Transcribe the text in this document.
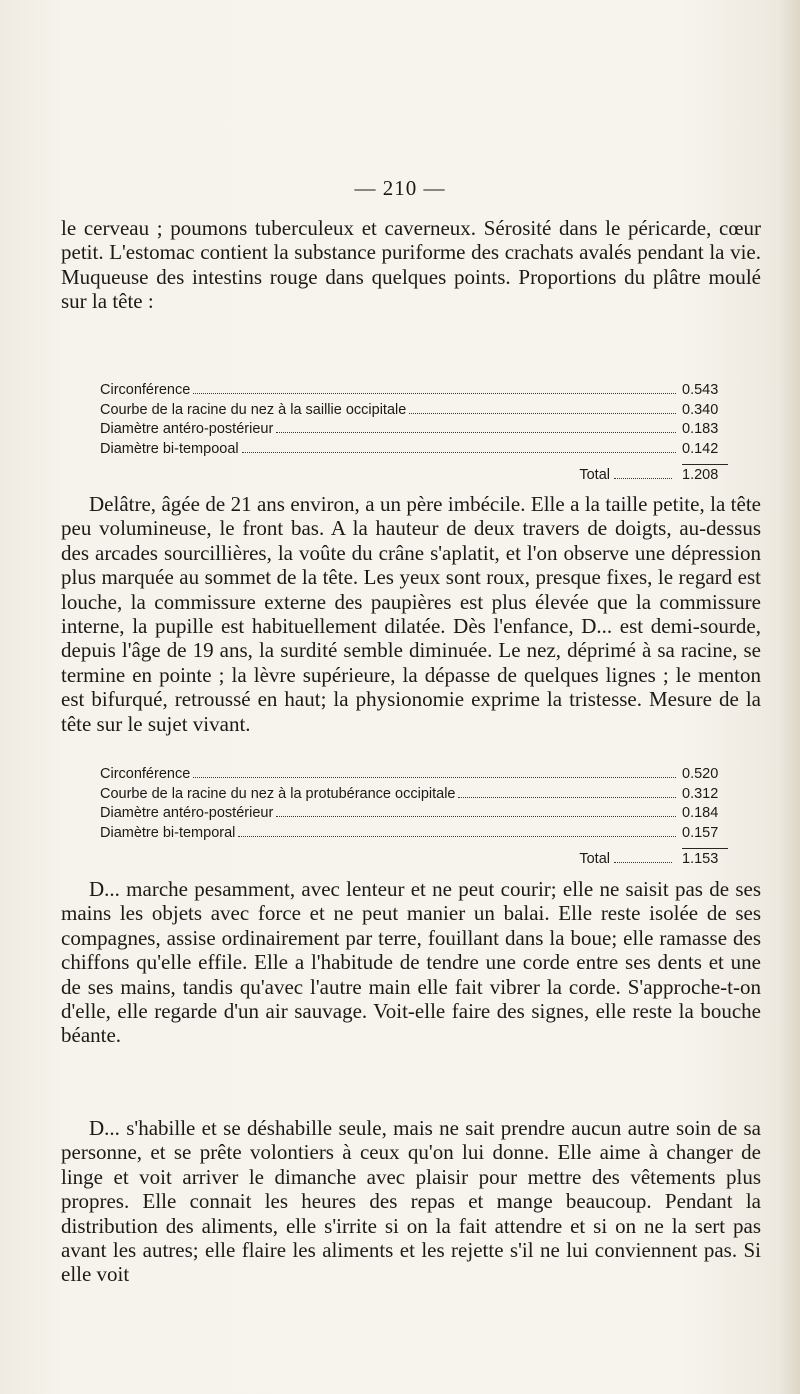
— 210 —

le cerveau ; poumons tuberculeux et caverneux. Sérosité dans le péricarde, cœur petit. L'estomac contient la substance puriforme des crachats avalés pendant la vie. Muqueuse des intestins rouge dans quelques points. Proportions du plâtre moulé sur la tête :

Circonférence	0.543
Courbe de la racine du nez à la saillie occipitale	0.340
Diamètre antéro-postérieur	0.183
Diamètre bi-tempooal	0.142
Total	1.208

Delâtre, âgée de 21 ans environ, a un père imbécile. Elle a la taille petite, la tête peu volumineuse, le front bas. A la hauteur de deux travers de doigts, au-dessus des arcades sourcillières, la voûte du crâne s'aplatit, et l'on observe une dépression plus marquée au sommet de la tête. Les yeux sont roux, presque fixes, le regard est louche, la commissure externe des paupières est plus élevée que la commissure interne, la pupille est habituellement dilatée. Dès l'enfance, D... est demi-sourde, depuis l'âge de 19 ans, la surdité semble diminuée. Le nez, déprimé à sa racine, se termine en pointe ; la lèvre supérieure, la dépasse de quelques lignes ; le menton est bifurqué, retroussé en haut; la physionomie exprime la tristesse. Mesure de la tête sur le sujet vivant.

Circonférence	0.520
Courbe de la racine du nez à la protubérance occipitale	0.312
Diamètre antéro-postérieur	0.184
Diamètre bi-temporal	0.157
Total	1.153

D... marche pesamment, avec lenteur et ne peut courir; elle ne saisit pas de ses mains les objets avec force et ne peut manier un balai. Elle reste isolée de ses compagnes, assise ordinairement par terre, fouillant dans la boue; elle ramasse des chiffons qu'elle effile. Elle a l'habitude de tendre une corde entre ses dents et une de ses mains, tandis qu'avec l'autre main elle fait vibrer la corde. S'approche-t-on d'elle, elle regarde d'un air sauvage. Voit-elle faire des signes, elle reste la bouche béante.

D... s'habille et se déshabille seule, mais ne sait prendre aucun autre soin de sa personne, et se prête volontiers à ceux qu'on lui donne. Elle aime à changer de linge et voit arriver le dimanche avec plaisir pour mettre des vêtements plus propres. Elle connait les heures des repas et mange beaucoup. Pendant la distribution des aliments, elle s'irrite si on la fait attendre et si on ne la sert pas avant les autres; elle flaire les aliments et les rejette s'il ne lui conviennent pas. Si elle voit
